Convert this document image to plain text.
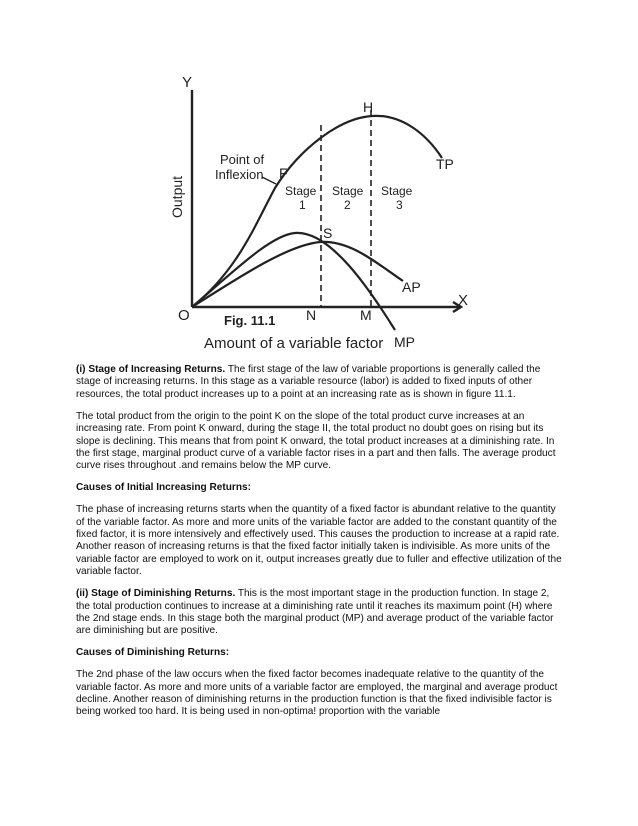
Y
X
O
Output
Amount of a variable factor
Fig. 11.1
Point of
Inflexion F
H
S
N	M
TP
AP
MP
Stage
1
Stage
2
Stage
3

(i) Stage of Increasing Returns. The first stage of the law of variable proportions is generally called the stage of increasing returns. In this stage as a variable resource (labor) is added to fixed inputs of other resources, the total product increases up to a point at an increasing rate as is shown in figure 11.1.

The total product from the origin to the point K on the slope of the total product curve increases at an increasing rate. From point K onward, during the stage II, the total product no doubt goes on rising but its slope is declining. This means that from point K onward, the total product increases at a diminishing rate. In the first stage, marginal product curve of a variable factor rises in a part and then falls. The average product curve rises throughout .and remains below the MP curve.

Causes of Initial Increasing Returns:

The phase of increasing returns starts when the quantity of a fixed factor is abundant relative to the quantity of the variable factor. As more and more units of the variable factor are added to the constant quantity of the fixed factor, it is more intensively and effectively used. This causes the production to increase at a rapid rate. Another reason of increasing returns is that the fixed factor initially taken is indivisible. As more units of the variable factor are employed to work on it, output increases greatly due to fuller and effective utilization of the variable factor.

(ii) Stage of Diminishing Returns. This is the most important stage in the production function. In stage 2, the total production continues to increase at a diminishing rate until it reaches its maximum point (H) where the 2nd stage ends. In this stage both the marginal product (MP) and average product of the variable factor are diminishing but are positive.

Causes of Diminishing Returns:

The 2nd phase of the law occurs when the fixed factor becomes inadequate relative to the quantity of the variable factor. As more and more units of a variable factor are employed, the marginal and average product decline. Another reason of diminishing returns in the production function is that the fixed indivisible factor is being worked too hard. It is being used in non-optima! proportion with the variable
